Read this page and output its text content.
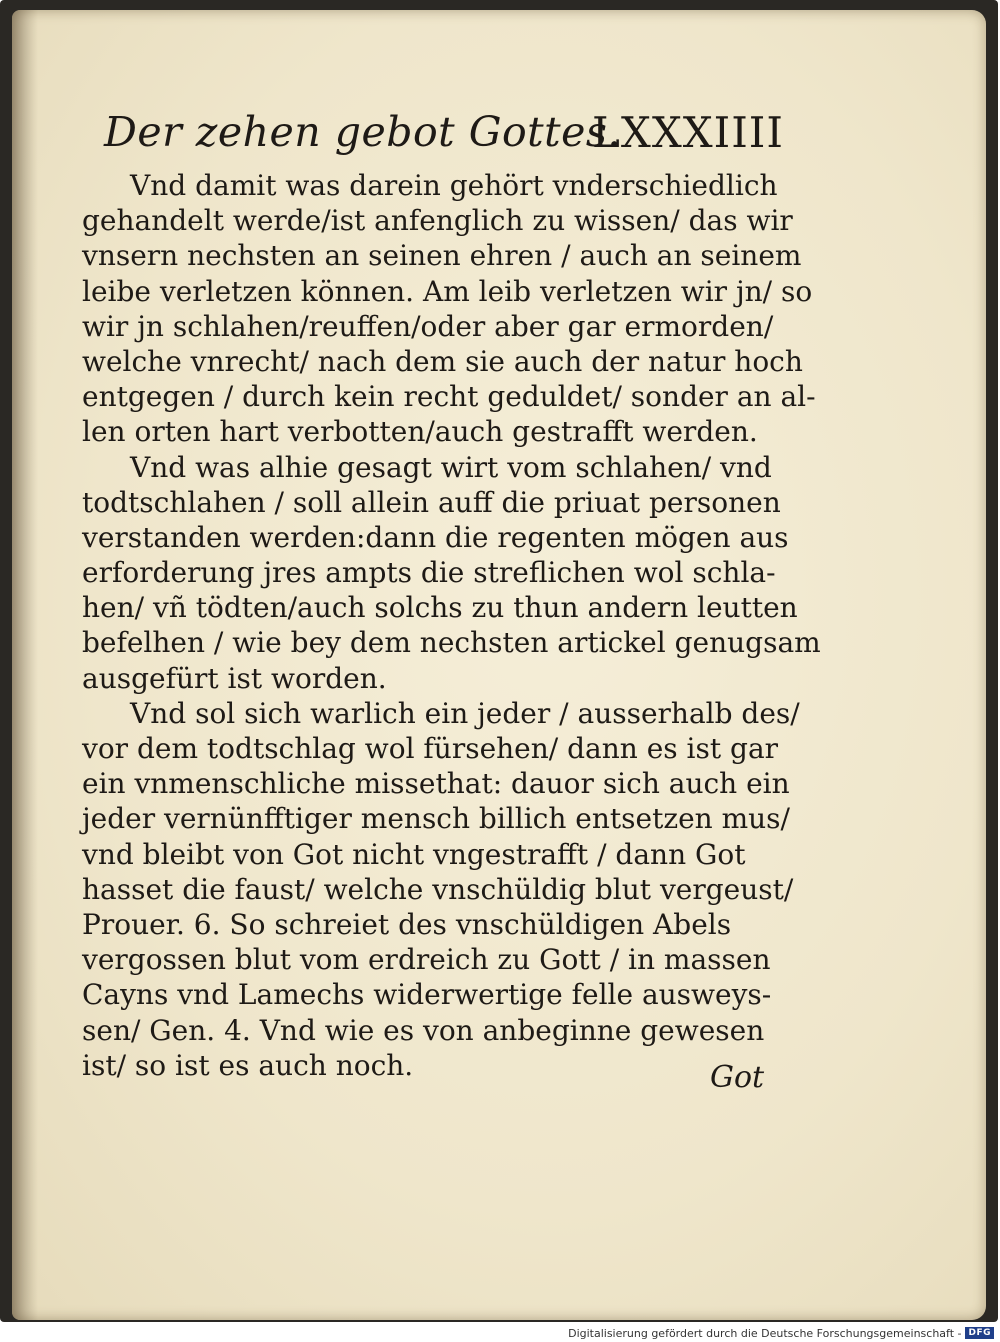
Der zehen gebot Gottes.
LXXXIIII
Vnd damit was darein gehört vnderschiedlich
gehandelt werde/ist anfenglich zu wissen/ das wir
vnsern nechsten an seinen ehren / auch an seinem
leibe verletzen können. Am leib verletzen wir jn/ so
wir jn schlahen/reuffen/oder aber gar ermorden/
welche vnrecht/ nach dem sie auch der natur hoch
entgegen / durch kein recht geduldet/ sonder an al-
len orten hart verbotten/auch gestrafft werden.
Vnd was alhie gesagt wirt vom schlahen/ vnd
todtschlahen / soll allein auff die priuat personen
verstanden werden:dann die regenten mögen aus
erforderung jres ampts die streflichen wol schla-
hen/ vñ tödten/auch solchs zu thun andern leutten
befelhen / wie bey dem nechsten artickel genugsam
ausgefürt ist worden.
Vnd sol sich warlich ein jeder / ausserhalb des/
vor dem todtschlag wol fürsehen/ dann es ist gar
ein vnmenschliche missethat: dauor sich auch ein
jeder vernünfftiger mensch billich entsetzen mus/
vnd bleibt von Got nicht vngestrafft / dann Got
hasset die faust/ welche vnschüldig blut vergeust/
Prouer. 6. So schreiet des vnschüldigen Abels
vergossen blut vom erdreich zu Gott / in massen
Cayns vnd Lamechs widerwertige felle ausweys-
sen/ Gen. 4. Vnd wie es von anbeginne gewesen
ist/ so ist es auch noch.	Got
Digitalisierung gefördert durch die Deutsche Forschungsgemeinschaft - DFG
